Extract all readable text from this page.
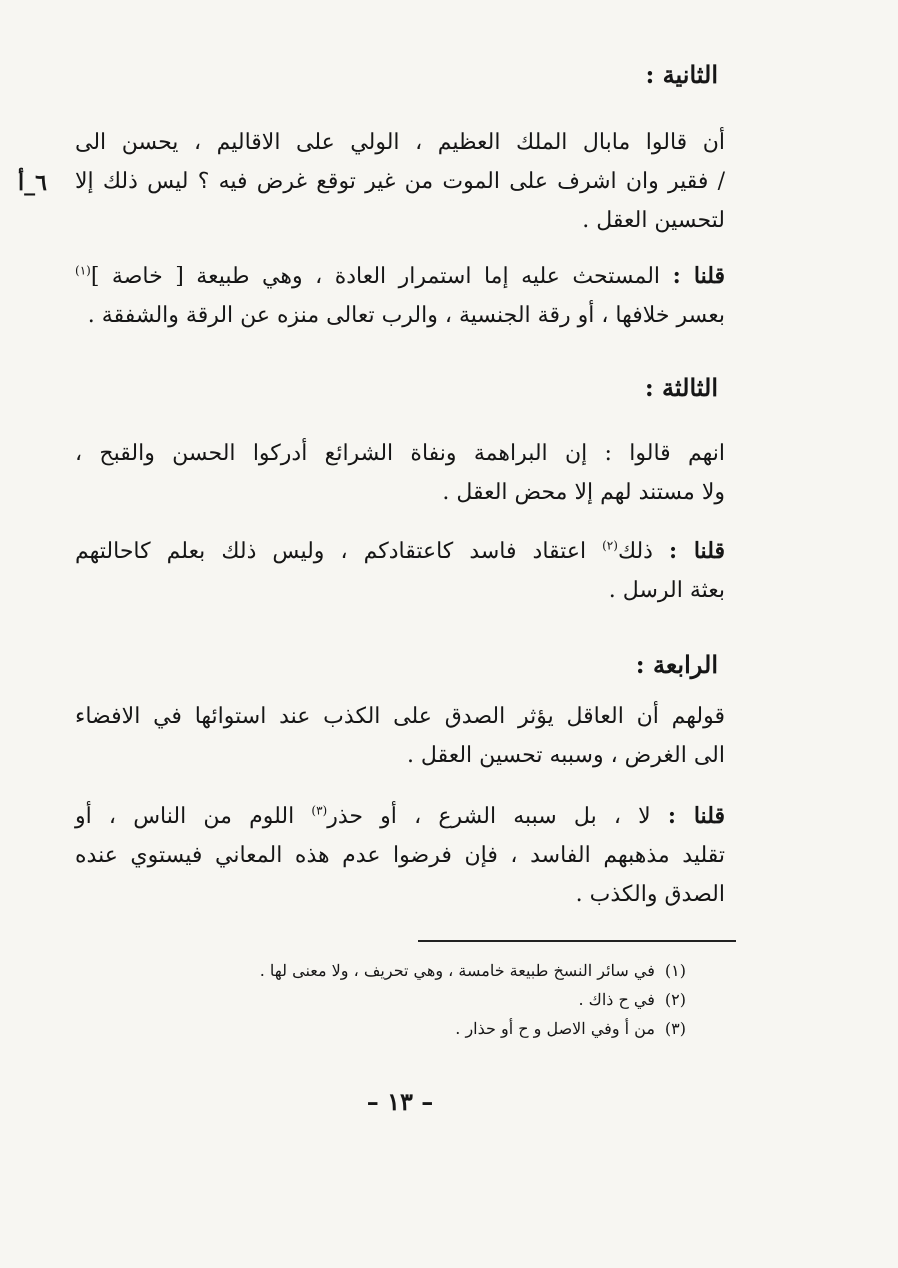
الثانية :
أن قالوا مابال الملك العظيم ، الولي على الاقاليم ، يحسن الى
/ فقير وان اشرف على الموت من غير توقع غرض فيه ؟ ليس ذلك إلا
لتحسين العقل .
٦_أ
قلنا : المستحث عليه إما استمرار العادة ، وهي طبيعة [ خاصة ]$^{(١)}$
بعسر خلافها ، أو رقة الجنسية ، والرب تعالى منزه عن الرقة والشفقة .
الثالثة :
انهم قالوا : إن البراهمة ونفاة الشرائع أدركوا الحسن والقبح ،
ولا مستند لهم إلا محض العقل .
قلنا : ذلك$^{(٢)}$ اعتقاد فاسد كاعتقادكم ، وليس ذلك بعلم كاحالتهم
بعثة الرسل .
الرابعة :
قولهم أن العاقل يؤثر الصدق على الكذب عند استوائها في الافضاء
الى الغرض ، وسببه تحسين العقل .
قلنا : لا ، بل سببه الشرع ، أو حذر$^{(٣)}$ اللوم من الناس ، أو
تقليد مذهبهم الفاسد ، فإن فرضوا عدم هذه المعاني فيستوي عنده
الصدق والكذب .
(١)في سائر النسخ طبيعة خامسة ، وهي تحريف ، ولا معنى لها .
(٢)في ح ذاك .
(٣)من أ وفي الاصل و ح أو حذار .
– ١٣ –
